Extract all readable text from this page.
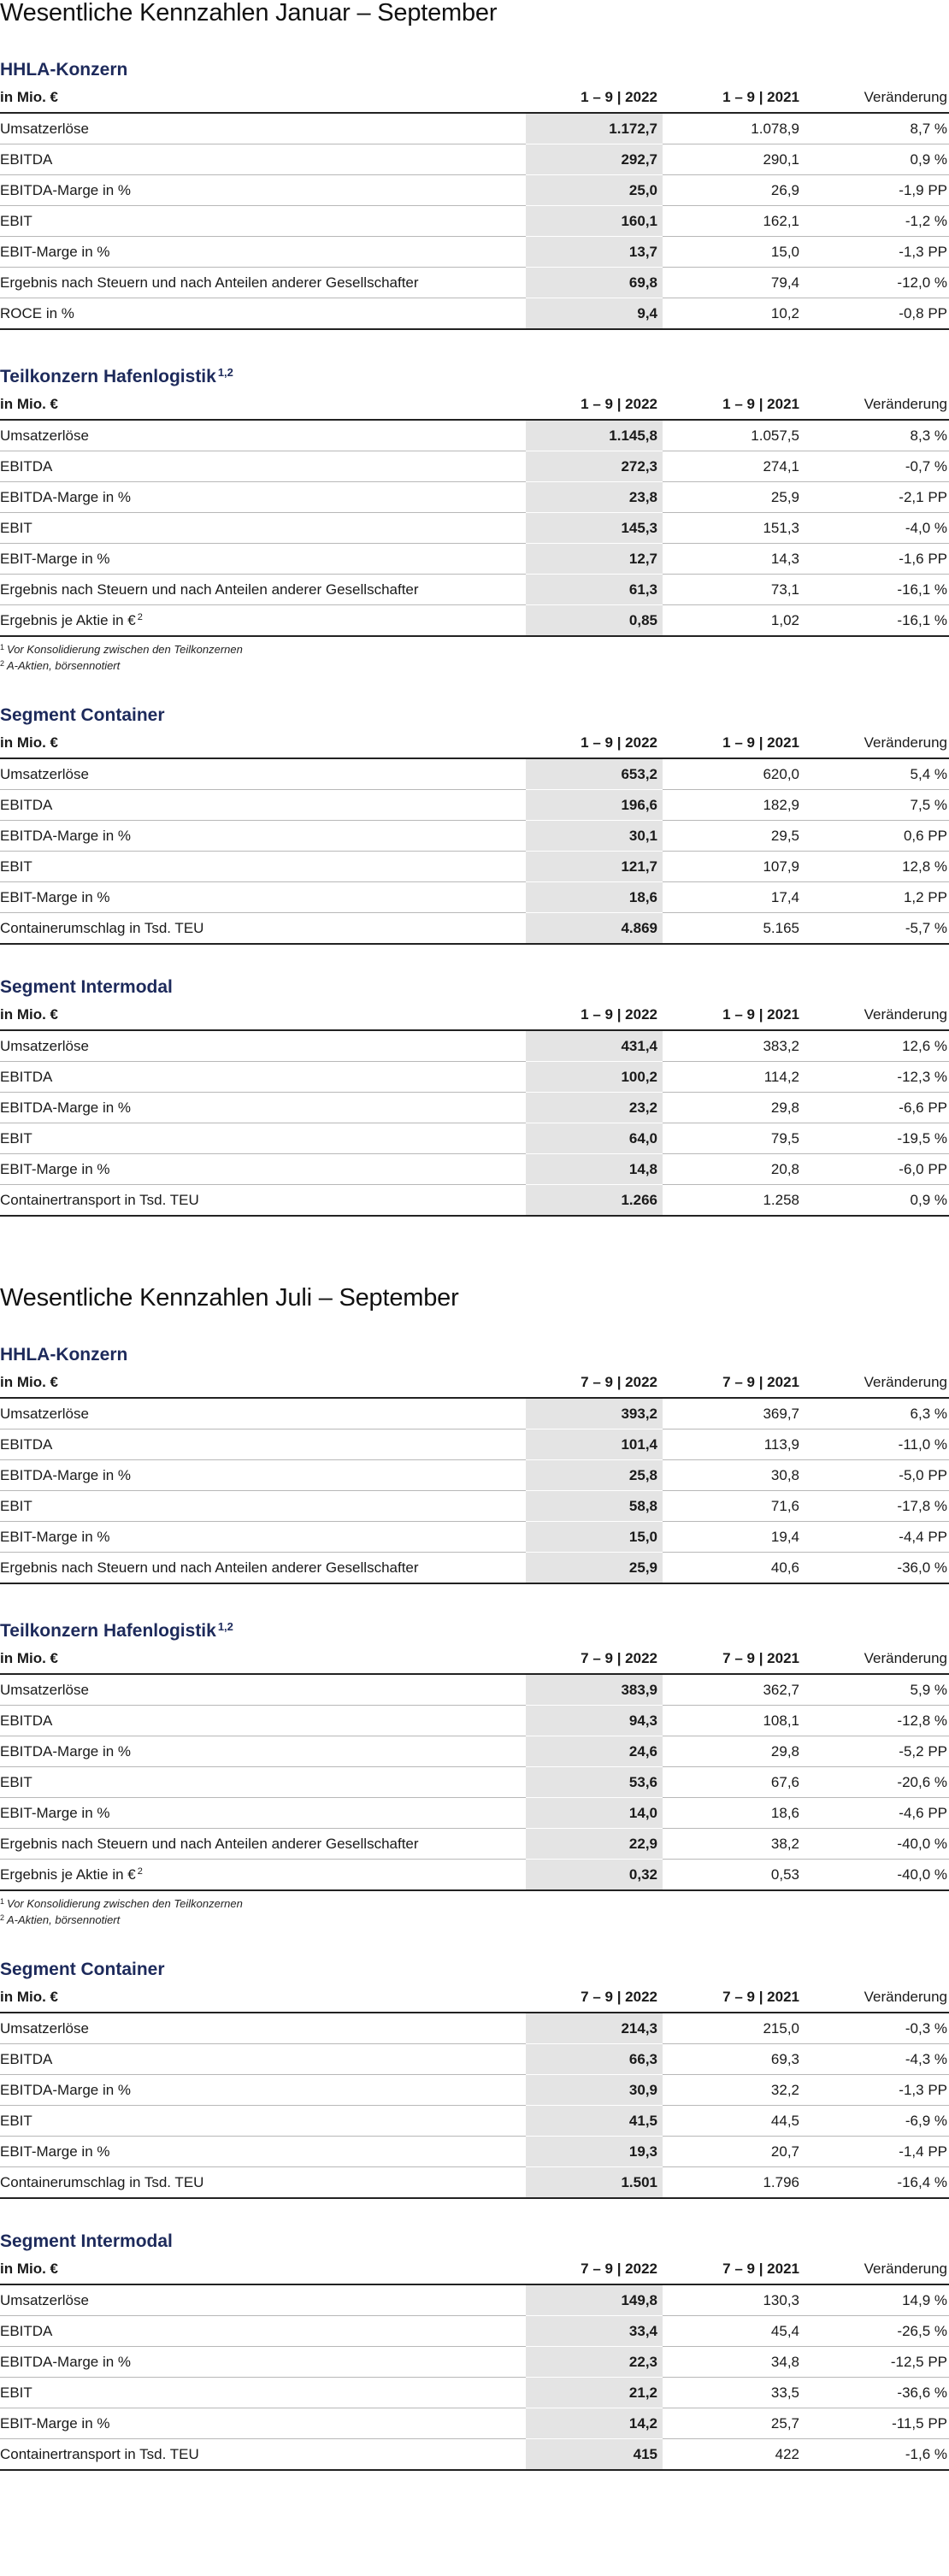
Wesentliche Kennzahlen Januar – September
HHLA-Konzern
in Mio. €	1 – 9 | 2022	1 – 9 | 2021	Veränderung
Umsatzerlöse	1.172,7	1.078,9	8,7 %
EBITDA	292,7	290,1	0,9 %
EBITDA-Marge in %	25,0	26,9	-1,9 PP
EBIT	160,1	162,1	-1,2 %
EBIT-Marge in %	13,7	15,0	-1,3 PP
Ergebnis nach Steuern und nach Anteilen anderer Gesellschafter	69,8	79,4	-12,0 %
ROCE in %	9,4	10,2	-0,8 PP
Teilkonzern Hafenlogistik $^{1,2}$
in Mio. €	1 – 9 | 2022	1 – 9 | 2021	Veränderung
Umsatzerlöse	1.145,8	1.057,5	8,3 %
EBITDA	272,3	274,1	-0,7 %
EBITDA-Marge in %	23,8	25,9	-2,1 PP
EBIT	145,3	151,3	-4,0 %
EBIT-Marge in %	12,7	14,3	-1,6 PP
Ergebnis nach Steuern und nach Anteilen anderer Gesellschafter	61,3	73,1	-16,1 %
Ergebnis je Aktie in € $^2$	0,85	1,02	-16,1 %
$^1$ Vor Konsolidierung zwischen den Teilkonzernen
$^2$ A-Aktien, börsennotiert
Segment Container
in Mio. €	1 – 9 | 2022	1 – 9 | 2021	Veränderung
Umsatzerlöse	653,2	620,0	5,4 %
EBITDA	196,6	182,9	7,5 %
EBITDA-Marge in %	30,1	29,5	0,6 PP
EBIT	121,7	107,9	12,8 %
EBIT-Marge in %	18,6	17,4	1,2 PP
Containerumschlag in Tsd. TEU	4.869	5.165	-5,7 %
Segment Intermodal
in Mio. €	1 – 9 | 2022	1 – 9 | 2021	Veränderung
Umsatzerlöse	431,4	383,2	12,6 %
EBITDA	100,2	114,2	-12,3 %
EBITDA-Marge in %	23,2	29,8	-6,6 PP
EBIT	64,0	79,5	-19,5 %
EBIT-Marge in %	14,8	20,8	-6,0 PP
Containertransport in Tsd. TEU	1.266	1.258	0,9 %
Wesentliche Kennzahlen Juli – September
HHLA-Konzern
in Mio. €	7 – 9 | 2022	7 – 9 | 2021	Veränderung
Umsatzerlöse	393,2	369,7	6,3 %
EBITDA	101,4	113,9	-11,0 %
EBITDA-Marge in %	25,8	30,8	-5,0 PP
EBIT	58,8	71,6	-17,8 %
EBIT-Marge in %	15,0	19,4	-4,4 PP
Ergebnis nach Steuern und nach Anteilen anderer Gesellschafter	25,9	40,6	-36,0 %
Teilkonzern Hafenlogistik $^{1,2}$
in Mio. €	7 – 9 | 2022	7 – 9 | 2021	Veränderung
Umsatzerlöse	383,9	362,7	5,9 %
EBITDA	94,3	108,1	-12,8 %
EBITDA-Marge in %	24,6	29,8	-5,2 PP
EBIT	53,6	67,6	-20,6 %
EBIT-Marge in %	14,0	18,6	-4,6 PP
Ergebnis nach Steuern und nach Anteilen anderer Gesellschafter	22,9	38,2	-40,0 %
Ergebnis je Aktie in € $^2$	0,32	0,53	-40,0 %
$^1$ Vor Konsolidierung zwischen den Teilkonzernen
$^2$ A-Aktien, börsennotiert
Segment Container
in Mio. €	7 – 9 | 2022	7 – 9 | 2021	Veränderung
Umsatzerlöse	214,3	215,0	-0,3 %
EBITDA	66,3	69,3	-4,3 %
EBITDA-Marge in %	30,9	32,2	-1,3 PP
EBIT	41,5	44,5	-6,9 %
EBIT-Marge in %	19,3	20,7	-1,4 PP
Containerumschlag in Tsd. TEU	1.501	1.796	-16,4 %
Segment Intermodal
in Mio. €	7 – 9 | 2022	7 – 9 | 2021	Veränderung
Umsatzerlöse	149,8	130,3	14,9 %
EBITDA	33,4	45,4	-26,5 %
EBITDA-Marge in %	22,3	34,8	-12,5 PP
EBIT	21,2	33,5	-36,6 %
EBIT-Marge in %	14,2	25,7	-11,5 PP
Containertransport in Tsd. TEU	415	422	-1,6 %
